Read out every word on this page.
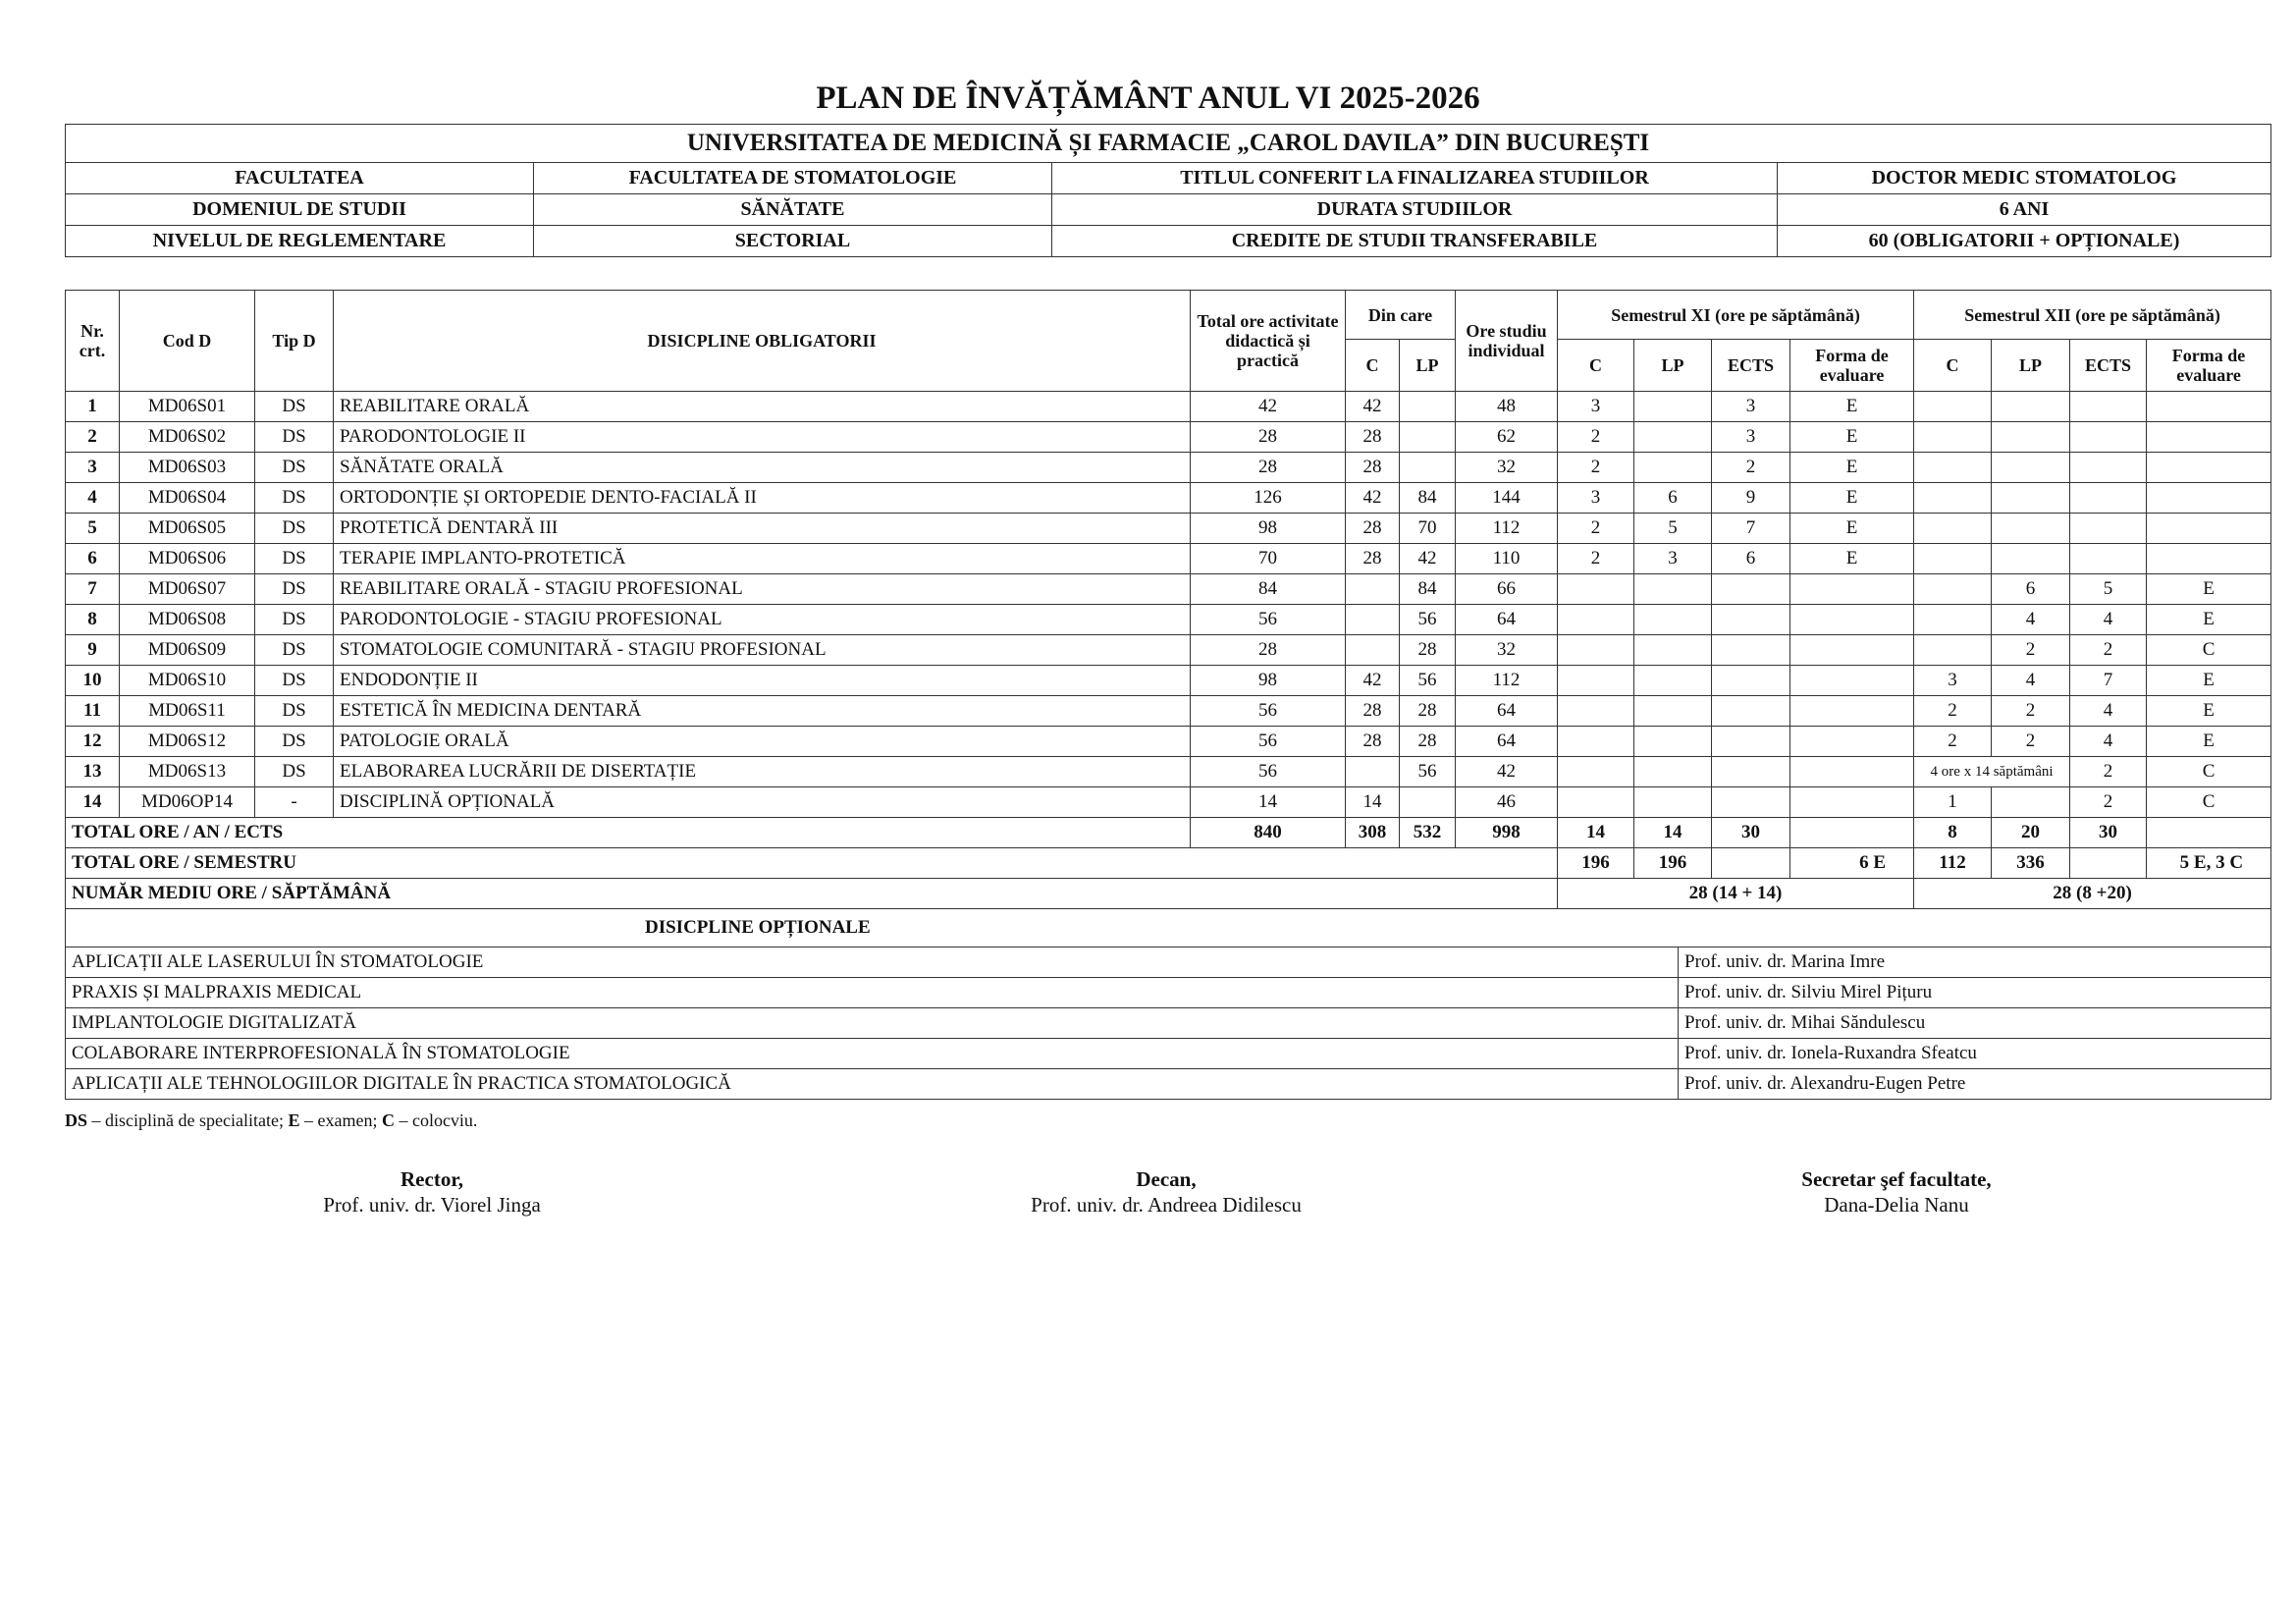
PLAN DE ÎNVĂȚĂMÂNT ANUL VI 2025-2026
UNIVERSITATEA DE MEDICINĂ ȘI FARMACIE „CAROL DAVILA” DIN BUCUREȘTI			
FACULTATEA	FACULTATEA DE STOMATOLOGIE	TITLUL CONFERIT LA FINALIZAREA STUDIILOR	DOCTOR MEDIC STOMATOLOG
DOMENIUL DE STUDII	SĂNĂTATE	DURATA STUDIILOR	6 ANI
NIVELUL DE REGLEMENTARE	SECTORIAL	CREDITE DE STUDII TRANSFERABILE	60 (OBLIGATORII + OPȚIONALE)
Nr. crt.	Cod D	Tip D	DISICPLINE OBLIGATORII	Total ore activitate didactică și practică	Din care		Ore studiu individual	Semestrul XI (ore pe săptămână)				Semestrul XII (ore pe săptămână)			
					C	LP		C	LP	ECTS	Forma de evaluare	C	LP	ECTS	Forma de evaluare
1	MD06S01	DS	REABILITARE ORALĂ	42	42		48	3		3	E				
2	MD06S02	DS	PARODONTOLOGIE II	28	28		62	2		3	E				
3	MD06S03	DS	SĂNĂTATE ORALĂ	28	28		32	2		2	E				
4	MD06S04	DS	ORTODONȚIE ȘI ORTOPEDIE DENTO-FACIALĂ II	126	42	84	144	3	6	9	E				
5	MD06S05	DS	PROTETICĂ DENTARĂ III	98	28	70	112	2	5	7	E				
6	MD06S06	DS	TERAPIE IMPLANTO-PROTETICĂ	70	28	42	110	2	3	6	E				
7	MD06S07	DS	REABILITARE ORALĂ - STAGIU PROFESIONAL	84		84	66						6	5	E
8	MD06S08	DS	PARODONTOLOGIE - STAGIU PROFESIONAL	56		56	64						4	4	E
9	MD06S09	DS	STOMATOLOGIE COMUNITARĂ - STAGIU PROFESIONAL	28		28	32						2	2	C
10	MD06S10	DS	ENDODONȚIE II	98	42	56	112					3	4	7	E
11	MD06S11	DS	ESTETICĂ ÎN MEDICINA DENTARĂ	56	28	28	64					2	2	4	E
12	MD06S12	DS	PATOLOGIE ORALĂ	56	28	28	64					2	2	4	E
13	MD06S13	DS	ELABORAREA LUCRĂRII DE DISERTAȚIE	56		56	42					4 ore x 14 săptămâni		2	C
14	MD06OP14	-	DISCIPLINĂ OPȚIONALĂ	14	14		46					1		2	C
TOTAL ORE / AN / ECTS				840	308	532	998	14	14	30		8	20	30	
TOTAL ORE / SEMESTRU								196	196		6 E	112	336		5 E, 3 C
NUMĂR MEDIU ORE / SĂPTĂMÂNĂ								28 (14 + 14)				28 (8 +20)			
DISICPLINE OPȚIONALE	
APLICAȚII ALE LASERULUI ÎN STOMATOLOGIE	Prof. univ. dr. Marina Imre
PRAXIS ȘI MALPRAXIS MEDICAL	Prof. univ. dr. Silviu Mirel Pițuru
IMPLANTOLOGIE DIGITALIZATĂ	Prof. univ. dr. Mihai Săndulescu
COLABORARE INTERPROFESIONALĂ ÎN STOMATOLOGIE	Prof. univ. dr. Ionela-Ruxandra Sfeatcu
APLICAȚII ALE TEHNOLOGIILOR DIGITALE ÎN PRACTICA STOMATOLOGICĂ	Prof. univ. dr. Alexandru-Eugen Petre
DS – disciplină de specialitate; E – examen; C – colocviu.
Rector,
Prof. univ. dr. Viorel Jinga
Decan,
Prof. univ. dr. Andreea Didilescu
Secretar şef facultate,
Dana-Delia Nanu
